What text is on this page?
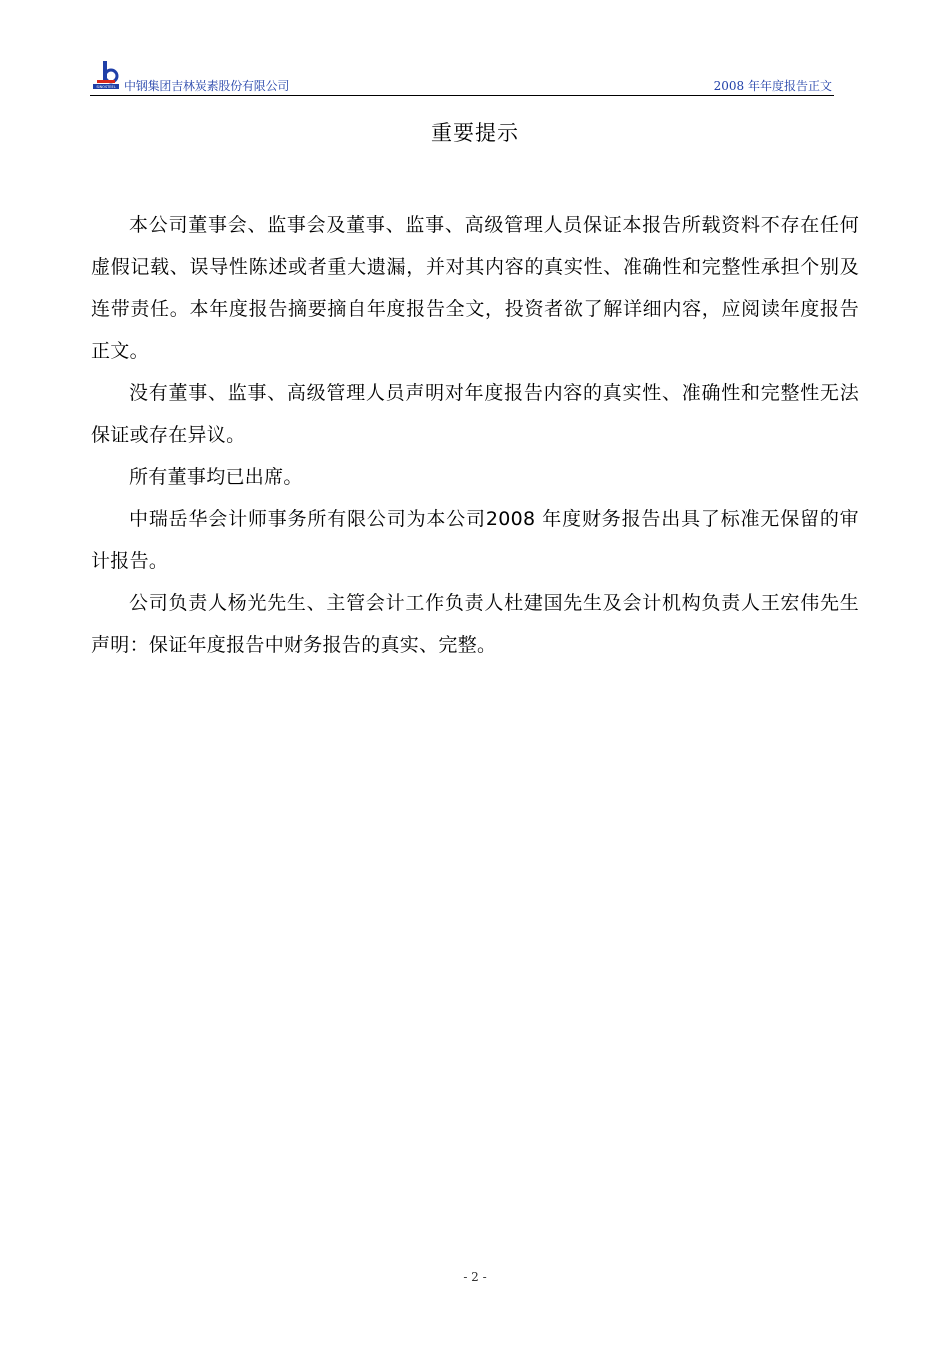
SINOSTEEL 中钢集团吉林炭素股份有限公司	2008 年年度报告正文
重要提示

本公司董事会、监事会及董事、监事、高级管理人员保证本报告所载资料不存在任何虚假记载、误导性陈述或者重大遗漏，并对其内容的真实性、准确性和完整性承担个别及连带责任。本年度报告摘要摘自年度报告全文，投资者欲了解详细内容，应阅读年度报告正文。

没有董事、监事、高级管理人员声明对年度报告内容的真实性、准确性和完整性无法保证或存在异议。

所有董事均已出席。

中瑞岳华会计师事务所有限公司为本公司2008 年度财务报告出具了标准无保留的审计报告。

公司负责人杨光先生、主管会计工作负责人杜建国先生及会计机构负责人王宏伟先生声明：保证年度报告中财务报告的真实、完整。

- 2 -
